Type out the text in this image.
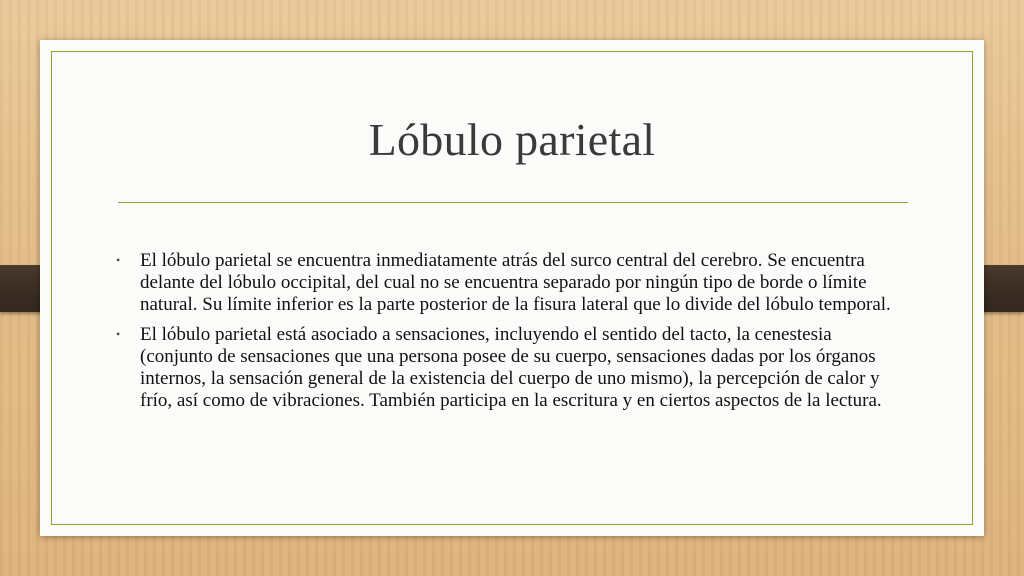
Lóbulo parietal
•	El lóbulo parietal se encuentra inmediatamente atrás del surco central del cerebro. Se encuentra delante del lóbulo occipital, del cual no se encuentra separado por ningún tipo de borde o límite natural. Su límite inferior es la parte posterior de la fisura lateral que lo divide del lóbulo temporal.
•	El lóbulo parietal está asociado a sensaciones, incluyendo el sentido del tacto, la cenestesia (conjunto de sensaciones que una persona posee de su cuerpo, sensaciones dadas por los órganos internos, la sensación general de la existencia del cuerpo de uno mismo), la percepción de calor y frío, así como de vibraciones. También participa en la escritura y en ciertos aspectos de la lectura.
